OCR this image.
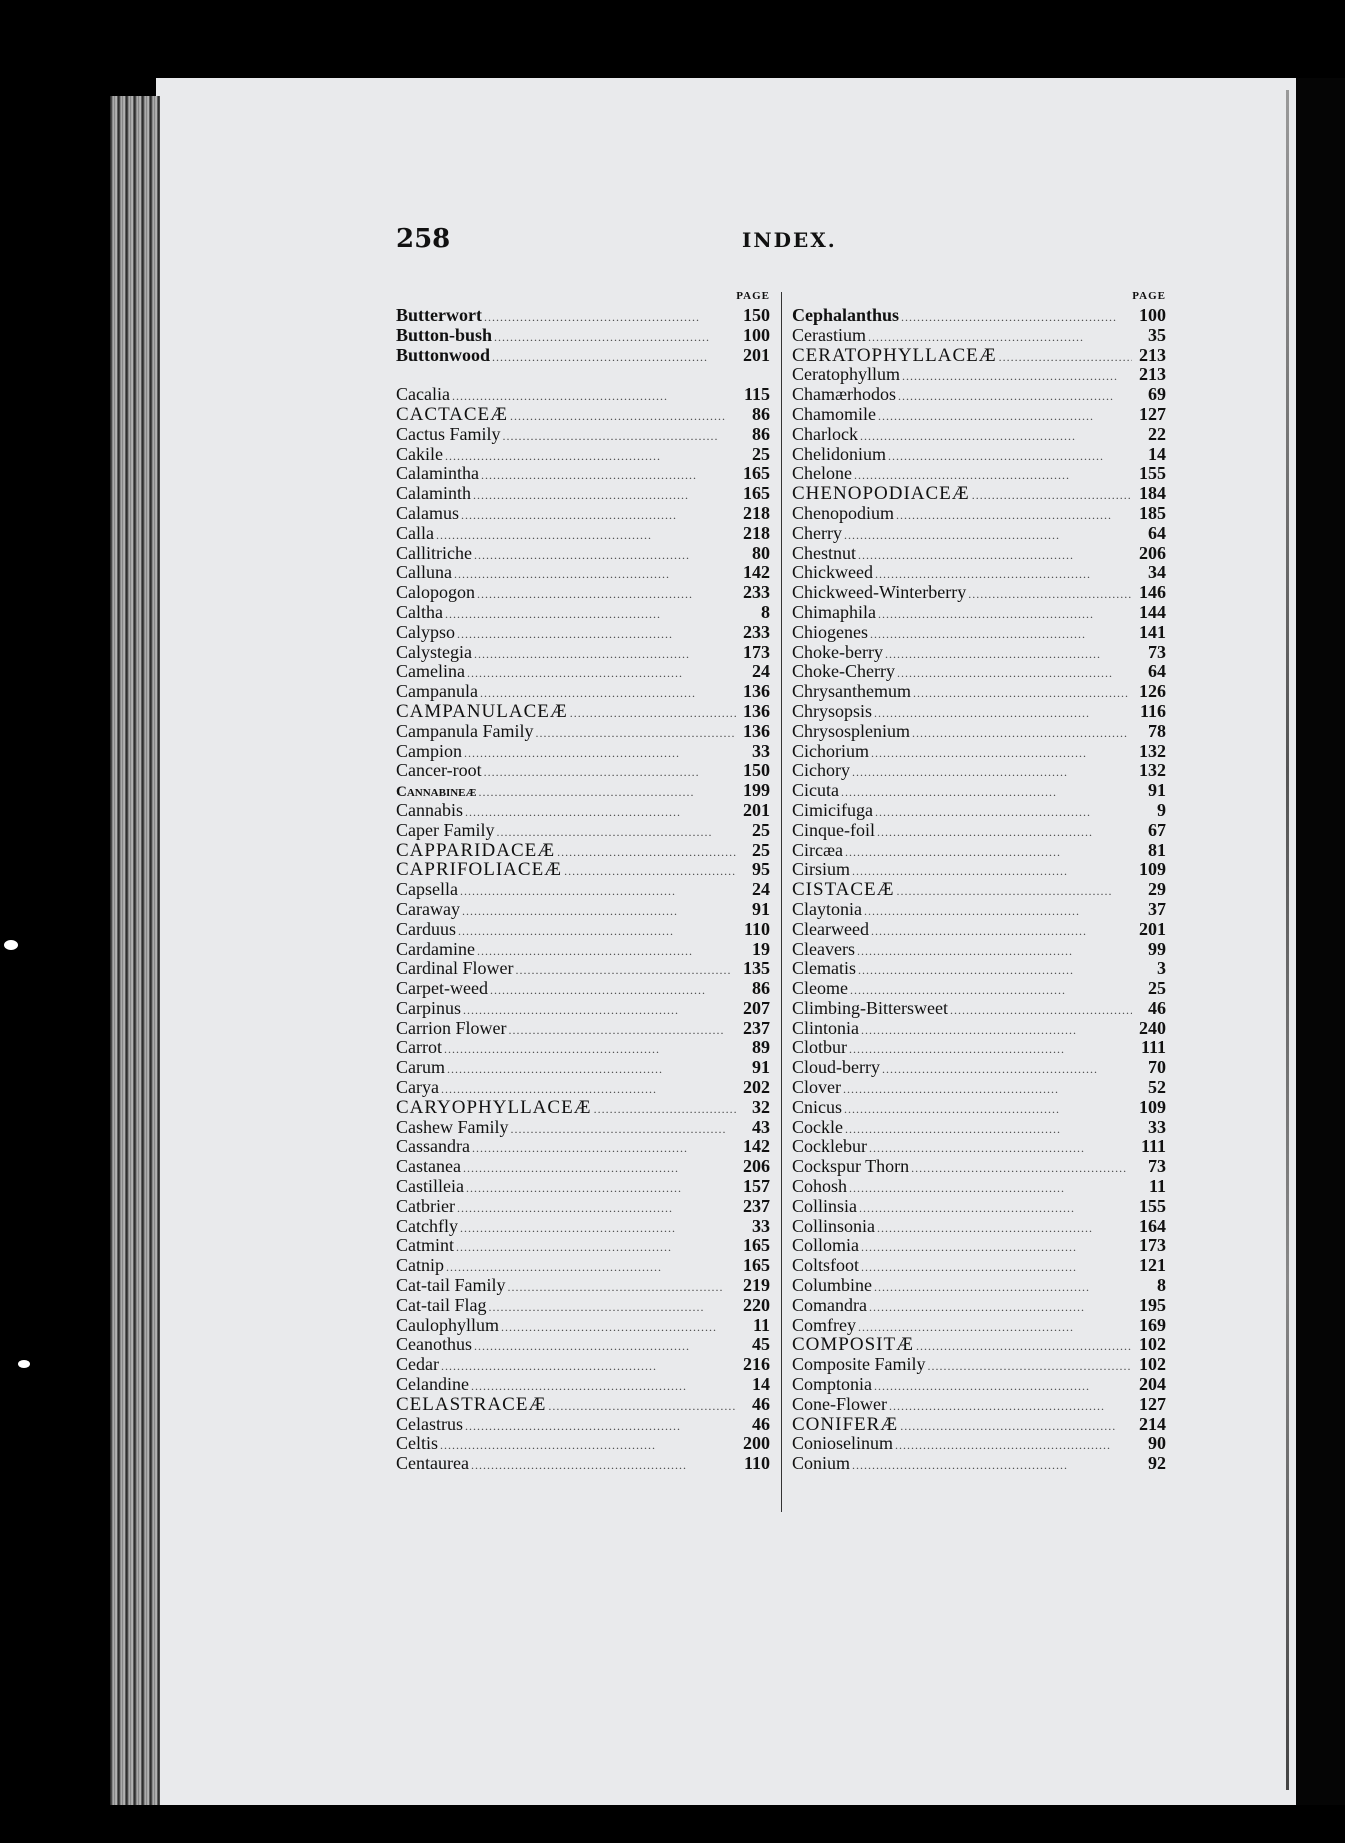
258	INDEX.
PAGE
Butterwort . . .	150
Button-bush . . .	100
Buttonwood . . .	201
Cacalia . . .	115
CACTACEÆ . . .	86
Cactus Family . . .	86
Cakile . . .	25
Calamintha . . .	165
Calaminth . . .	165
Calamus . . .	218
Calla . . .	218
Callitriche . . .	80
Calluna . . .	142
Calopogon . . .	233
Caltha . . .	8
Calypso . . .	233
Calystegia . . .	173
Camelina . . .	24
Campanula . . .	136
CAMPANULACEÆ . . .	136
Campanula Family . . .	136
Campion . . .	33
Cancer-root . . .	150
Cannabineæ . . .	199
Cannabis . . .	201
Caper Family . . .	25
CAPPARIDACEÆ . . .	25
CAPRIFOLIACEÆ . . .	95
Capsella . . .	24
Caraway . . .	91
Carduus . . .	110
Cardamine . . .	19
Cardinal Flower . . .	135
Carpet-weed . . .	86
Carpinus . . .	207
Carrion Flower . . .	237
Carrot . . .	89
Carum . . .	91
Carya . . .	202
CARYOPHYLLACEÆ . . .	32
Cashew Family . . .	43
Cassandra . . .	142
Castanea . . .	206
Castilleia . . .	157
Catbrier . . .	237
Catchfly . . .	33
Catmint . . .	165
Catnip . . .	165
Cat-tail Family . . .	219
Cat-tail Flag . . .	220
Caulophyllum . . .	11
Ceanothus . . .	45
Cedar . . .	216
Celandine . . .	14
CELASTRACEÆ . . .	46
Celastrus . . .	46
Celtis . . .	200
Centaurea . . .	110
PAGE
Cephalanthus . . .	100
Cerastium . . .	35
CERATOPHYLLACEÆ . . .	213
Ceratophyllum . . .	213
Chamærhodos . . .	69
Chamomile . . .	127
Charlock . . .	22
Chelidonium . . .	14
Chelone . . .	155
CHENOPODIACEÆ . . .	184
Chenopodium . . .	185
Cherry . . .	64
Chestnut . . .	206
Chickweed . . .	34
Chickweed-Winterberry . . .	146
Chimaphila . . .	144
Chiogenes . . .	141
Choke-berry . . .	73
Choke-Cherry . . .	64
Chrysanthemum . . .	126
Chrysopsis . . .	116
Chrysosplenium . . .	78
Cichorium . . .	132
Cichory . . .	132
Cicuta . . .	91
Cimicifuga . . .	9
Cinque-foil . . .	67
Circæa . . .	81
Cirsium . . .	109
CISTACEÆ . . .	29
Claytonia . . .	37
Clearweed . . .	201
Cleavers . . .	99
Clematis . . .	3
Cleome . . .	25
Climbing-Bittersweet . . .	46
Clintonia . . .	240
Clotbur . . .	111
Cloud-berry . . .	70
Clover . . .	52
Cnicus . . .	109
Cockle . . .	33
Cocklebur . . .	111
Cockspur Thorn . . .	73
Cohosh . . .	11
Collinsia . . .	155
Collinsonia . . .	164
Collomia . . .	173
Coltsfoot . . .	121
Columbine . . .	8
Comandra . . .	195
Comfrey . . .	169
COMPOSITÆ . . .	102
Composite Family . . .	102
Comptonia . . .	204
Cone-Flower . . .	127
CONIFERÆ . . .	214
Conioselinum . . .	90
Conium . . .	92
